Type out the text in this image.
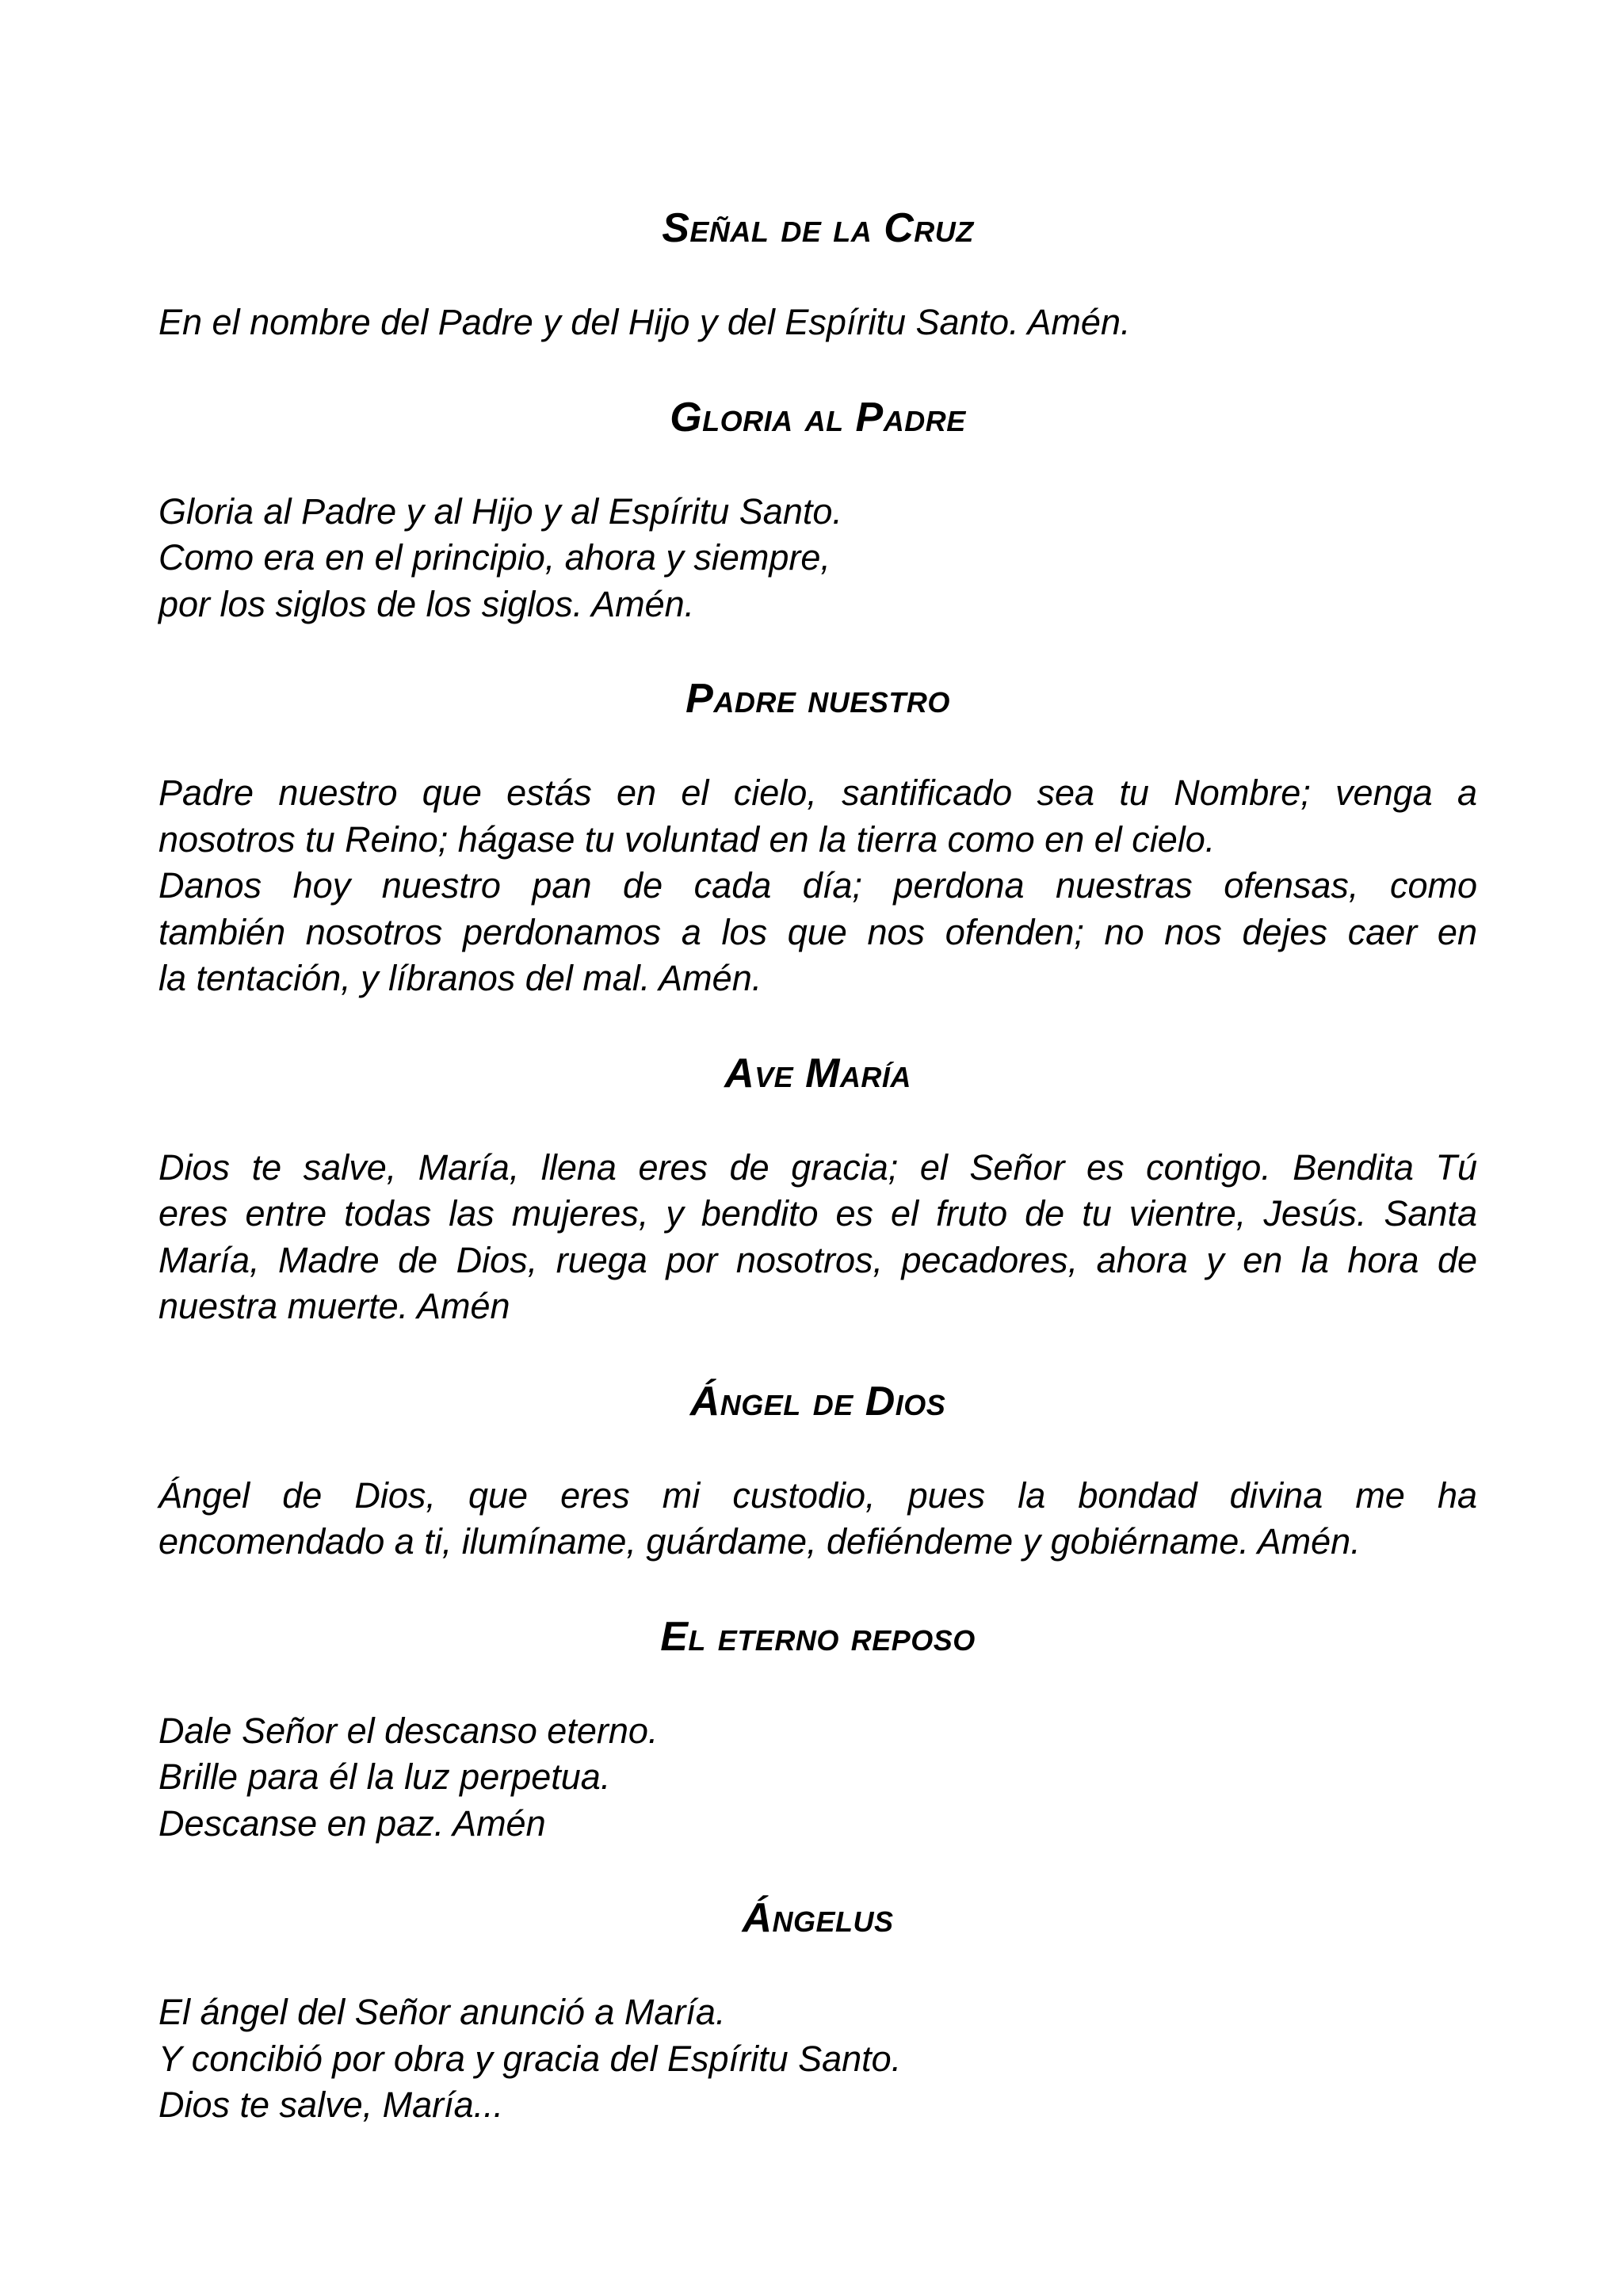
Señal de la Cruz
En el nombre del Padre y del Hijo y del Espíritu Santo. Amén.
Gloria al Padre
Gloria al Padre y al Hijo y al Espíritu Santo.
Como era en el principio, ahora y siempre,
por los siglos de los siglos. Amén.
Padre nuestro
Padre nuestro que estás en el cielo, santificado sea tu Nombre; venga a
nosotros tu Reino; hágase tu voluntad en la tierra como en el cielo.
Danos hoy nuestro pan de cada día; perdona nuestras ofensas, como
también nosotros perdonamos a los que nos ofenden; no nos dejes caer en
la tentación, y líbranos del mal. Amén.
Ave María
Dios te salve, María, llena eres de gracia; el Señor es contigo. Bendita Tú
eres entre todas las mujeres, y bendito es el fruto de tu vientre, Jesús. Santa
María, Madre de Dios, ruega por nosotros, pecadores, ahora y en la hora de
nuestra muerte. Amén
Ángel de Dios
Ángel de Dios, que eres mi custodio, pues la bondad divina me ha
encomendado a ti, ilumíname, guárdame, defiéndeme y gobiérname. Amén.
El eterno reposo
Dale Señor el descanso eterno.
Brille para él la luz perpetua.
Descanse en paz. Amén
Ángelus
El ángel del Señor anunció a María.
Y concibió por obra y gracia del Espíritu Santo.
Dios te salve, María...
